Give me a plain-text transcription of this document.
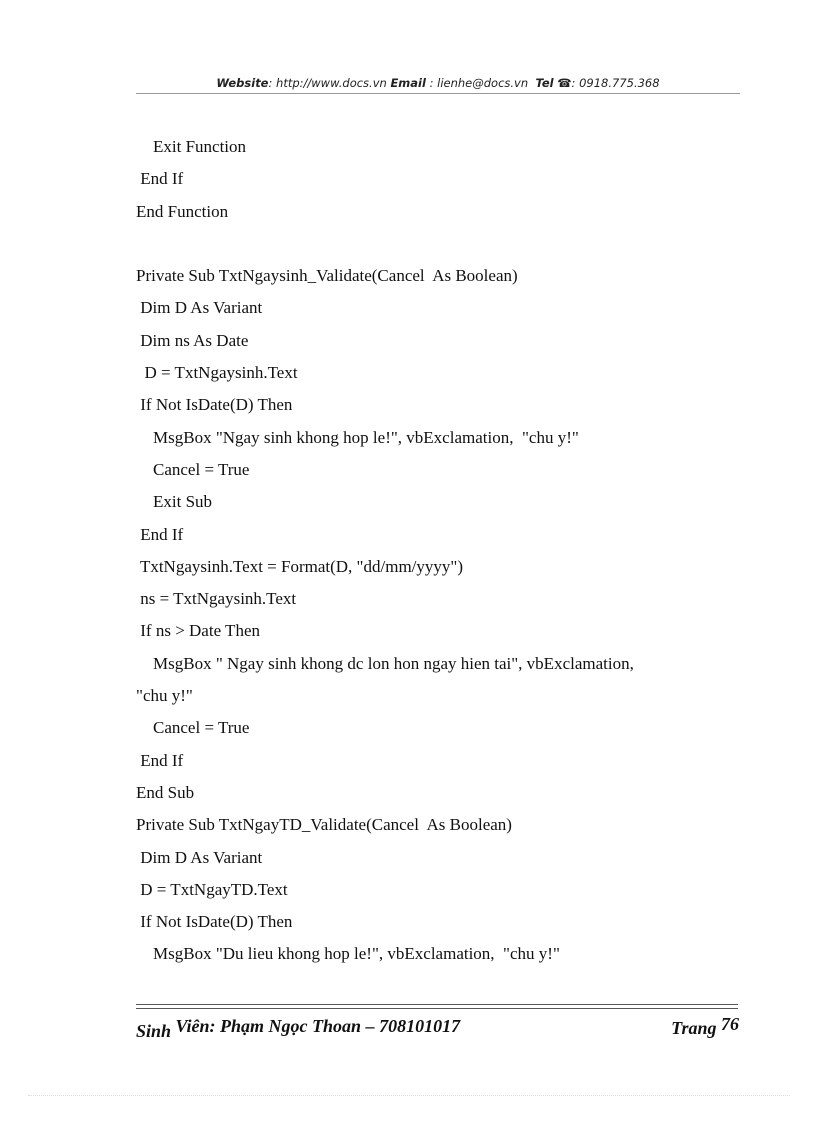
Website: http://www.docs.vn Email : lienhe@docs.vn Tel ☎: 0918.775.368
Exit Function
End If
End Function
Private Sub TxtNgaysinh_Validate(Cancel  As Boolean)
Dim D As Variant
Dim ns As Date
D = TxtNgaysinh.Text
If Not IsDate(D) Then
MsgBox "Ngay sinh khong hop le!", vbExclamation,  "chu y!"
Cancel = True
Exit Sub
End If
TxtNgaysinh.Text = Format(D, "dd/mm/yyyy")
ns = TxtNgaysinh.Text
If ns > Date Then
MsgBox " Ngay sinh khong dc lon hon ngay hien tai", vbExclamation,
"chu y!"
Cancel = True
End If
End Sub
Private Sub TxtNgayTD_Validate(Cancel  As Boolean)
Dim D As Variant
D = TxtNgayTD.Text
If Not IsDate(D) Then
MsgBox "Du lieu khong hop le!", vbExclamation,  "chu y!"
Sinh Viên: Phạm Ngọc Thoan – 708101017	Trang 76
